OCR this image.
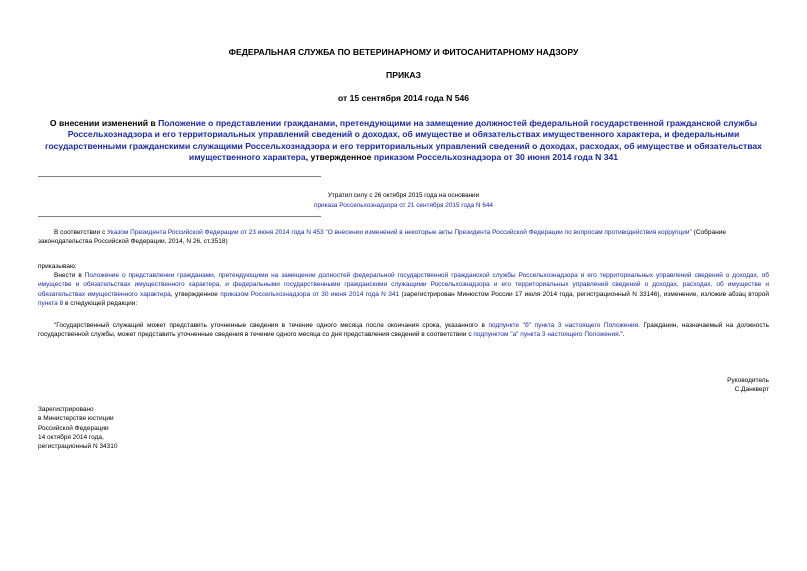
ФЕДЕРАЛЬНАЯ СЛУЖБА ПО ВЕТЕРИНАРНОМУ И ФИТОСАНИТАРНОМУ НАДЗОРУ
ПРИКАЗ
от 15 сентября 2014 года N 546
О внесении изменений в Положение о представлении гражданами, претендующими на замещение должностей федеральной государственной гражданской службы Россельхознадзора и его территориальных управлений сведений о доходах, об имуществе и обязательствах имущественного характера, и федеральными государственными гражданскими служащими Россельхознадзора и его территориальных управлений сведений о доходах, расходах, об имуществе и обязательствах имущественного характера, утвержденное приказом Россельхознадзора от 30 июня 2014 года N 341
Утратил силу с 26 октября 2015 года на основании
приказа Россельхознадзора от 21 сентября 2015 года N 644
В соответствии с Указом Президента Российской Федерации от 23 июня 2014 года N 453 "О внесении изменений в некоторые акты Президента Российской Федерации по вопросам противодействия коррупции" (Собрание законодательства Российской Федерации, 2014, N 26, ст.3518)
приказываю:
Внести в Положение о представлении гражданами, претендующими на замещение долностей федеральной государственной гражданской службы Россельхознадзора и его территориальных управлений сведений о доходах, об имуществе и обязательствах имущественного характера, и федеральными государственными гражданскими служащими Россельхознадзора и его территориальных управлений сведений о доходах, расходах, об имуществе и обязательствах имущественного характера, утвержденное приказом Россельхознадзора от 30 июня 2014 года N 341 (зарегистрирован Минюстом России 17 июля 2014 года, регистрационный N 33146), изменение, изложив абзац второй пункта 8 в следующей редакции:
"Государственный служащий может представить уточненные сведения в течение одного месяца после окончания срока, указанного в подпункте "б" пункта 3 настоящего Положения. Гражданин, назначаемый на должность государственной службы, может представить уточненные сведения в течение одного месяца со дня представления сведений в соответствии с подпунктом "а" пункта 3 настоящего Положения.".
Руководитель
С.Данкверт
Зарегистрировано
в Министерстве юстиции
Российской Федерации
14 октября 2014 года,
регистрационный N 34310
